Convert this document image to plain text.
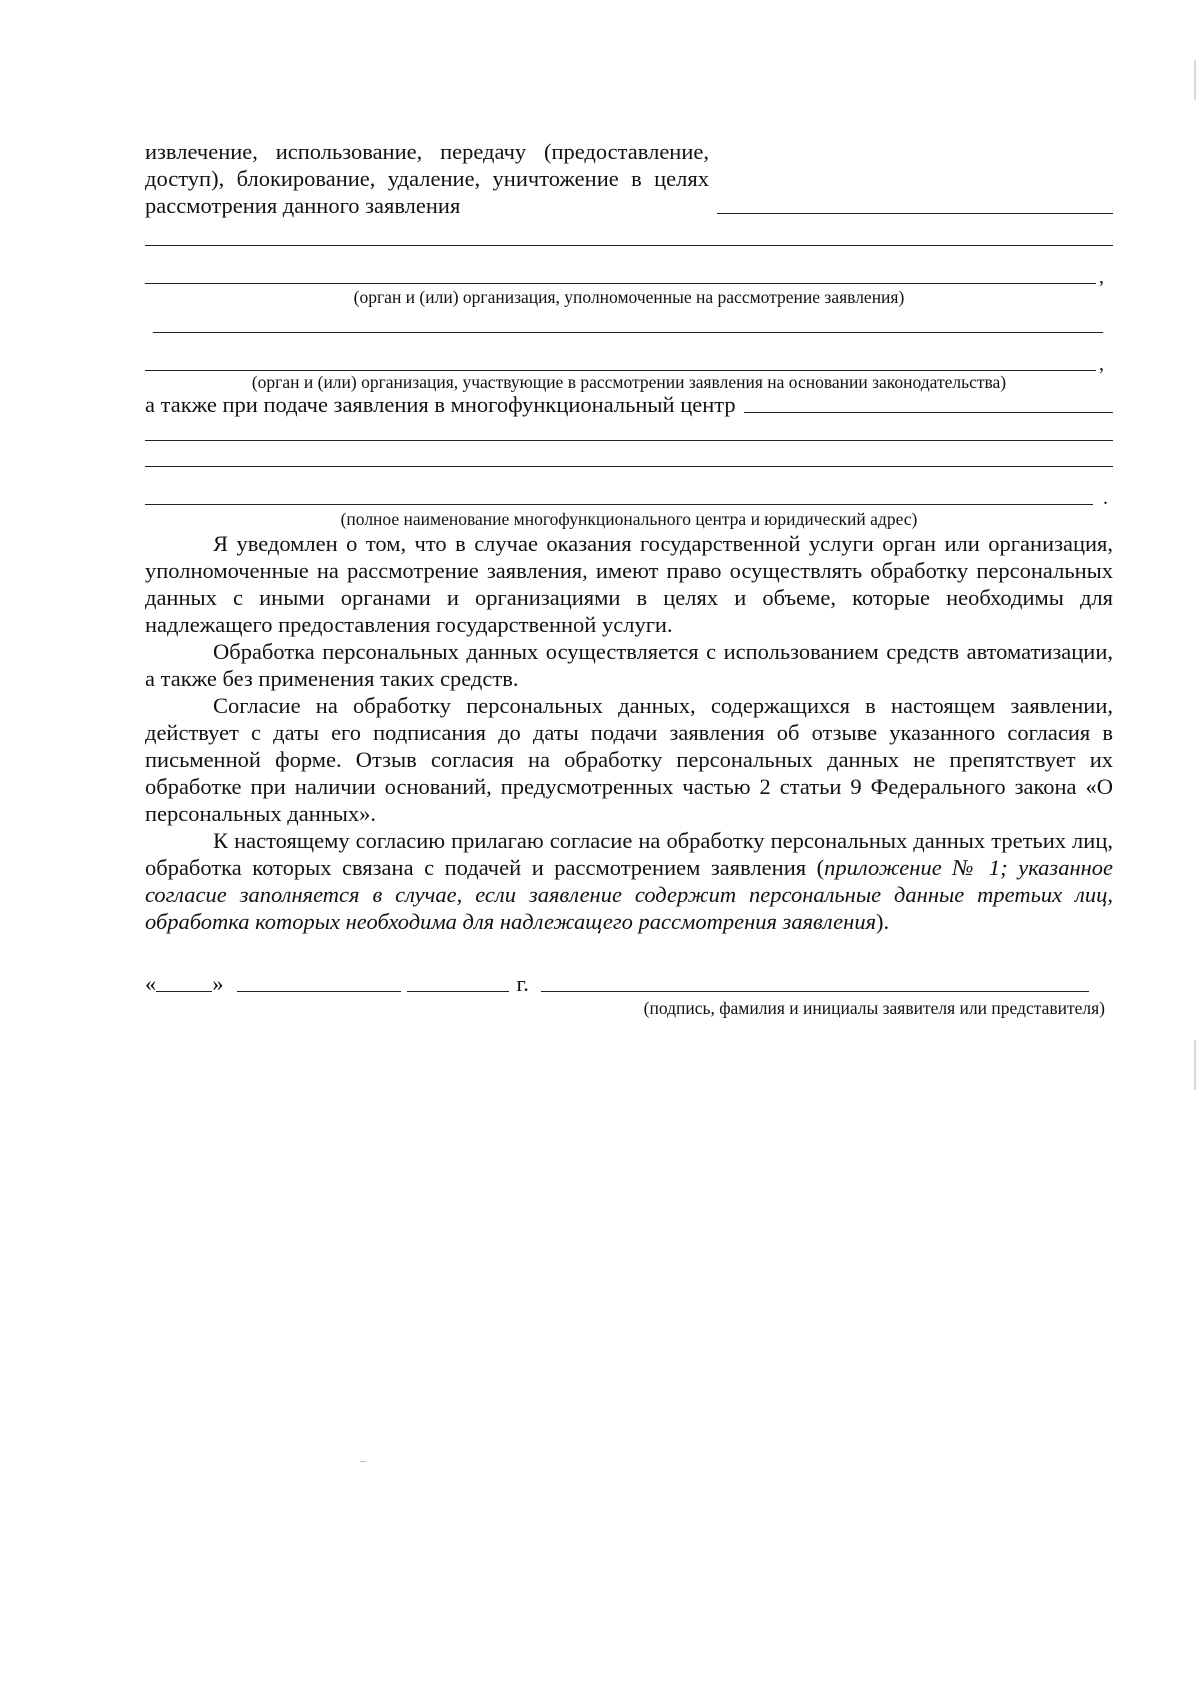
извлечение, использование, передачу (предоставление, доступ), блокирование, удаление, уничтожение в целях рассмотрения данного заявления

,
(орган и (или) организация, уполномоченные на рассмотрение заявления)
,
(орган и (или) организация, участвующие в рассмотрении заявления на основании законодательства)
а также при подаче заявления в многофункциональный центр
.
(полное наименование многофункционального центра и юридический адрес)

Я уведомлен о том, что в случае оказания государственной услуги орган или организация, уполномоченные на рассмотрение заявления, имеют право осуществлять обработку персональных данных с иными органами и организациями в целях и объеме, которые необходимы для надлежащего предоставления государственной услуги.

Обработка персональных данных осуществляется с использованием средств автоматизации, а также без применения таких средств.

Согласие на обработку персональных данных, содержащихся в настоящем заявлении, действует с даты его подписания до даты подачи заявления об отзыве указанного согласия в письменной форме. Отзыв согласия на обработку персональных данных не препятствует их обработке при наличии оснований, предусмотренных частью 2 статьи 9 Федерального закона «О персональных данных».

К настоящему согласию прилагаю согласие на обработку персональных данных третьих лиц, обработка которых связана с подачей и рассмотрением заявления (приложение № 1; указанное согласие заполняется в случае, если заявление содержит персональные данные третьих лиц, обработка которых необходима для надлежащего рассмотрения заявления).

« »	г.
(подпись, фамилия и инициалы заявителя или представителя)
